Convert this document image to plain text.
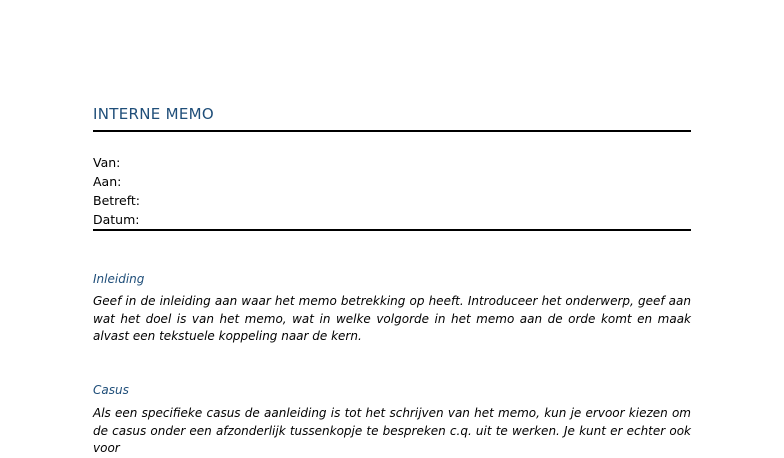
INTERNE MEMO
Van:
Aan:
Betreft:
Datum:
Inleiding
Geef in de inleiding aan waar het memo betrekking op heeft. Introduceer het onderwerp, geef aan wat het doel is van het memo, wat in welke volgorde in het memo aan de orde komt en maak alvast een tekstuele koppeling naar de kern.
Casus
Als een specifieke casus de aanleiding is tot het schrijven van het memo, kun je ervoor kiezen om de casus onder een afzonderlijk tussenkopje te bespreken c.q. uit te werken. Je kunt er echter ook voor
